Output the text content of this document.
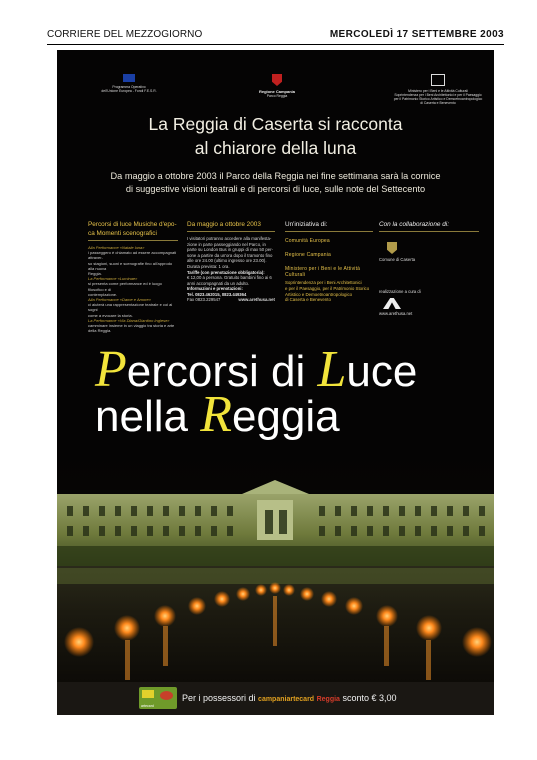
CORRIERE DEL MEZZOGIORNO	MERCOLEDÌ 17 SETTEMBRE 2003
Programma Operativo
dell'Unione Europea - Fondi F.E.S.R.	Regione Campania
Parco Reggia
Ministero per i Beni e le Attività Culturali
Soprintendenza per i Beni Architettonici e per il Paesaggio
per il Patrimonio Storico Artistico e Demoetnoantropologico di Caserta e Benevento
La Reggia di Caserta si racconta
al chiarore della luna
Da maggio a ottobre 2003 il Parco della Reggia nei fine settimana sarà la cornice
di suggestive visioni teatrali e di percorsi di luce, sulle note del Settecento
Percorsi di luce Musiche d'epo-
ca Momenti scenografici
Alla Performance «Natale luna»
i passeggero è chiamato ad essere accompagnati attraver-
so stagioni, suoni e scenografie fino all'approdo alla nuova
Reggia.
La Performance «Luminae»
si presenta come performance ed è luogo filosofico e di
contemplazione.
Alla Performance «Dame e Amore»
ci aiuterà una rappresentazione teatrale e coi ai sogni
come a evocare la storia.
La Performance «Via Diana/Giardino Inglese»
camminare insieme in un viaggio tra storia e arte della Reggia.
Da maggio a ottobre 2003
I visitatori potranno accedere alla manifesta-
zione in parte passeggiando nel Parco, in
parte su London Bus in gruppi di max 50 per-
sone a partire da un'ora dopo il tramonto fino
alle ore 24.00 (ultimo ingresso ore 23.00).
Durata prevista: 1 ora.
Tariffe (con prenotazione obbligatoria):
€ 12,00 a persona. Gratuito bambini fino ai 6
anni accompagnati da un adulto.
Informazioni e prenotazioni:
Tel. 0823.462015, 0823.449364
Fax 0823.229547	www.arethusa.net
Un'iniziativa di:
Comunità Europea
Regione Campania
Ministero per i Beni e le Attività
Culturali
Soprintendenza per i Beni Architettonici
e per il Paesaggio, per il Patrimonio Storico
Artistico e Demoetnoantropologico
di Caserta e Benevento
Con la collaborazione di:
Comune di Caserta
realizzazione a cura di
www.arethusa.net
Percorsi di Luce
nella Reggia
artecard
Per i possessori di campaniartecard Reggia sconto € 3,00
